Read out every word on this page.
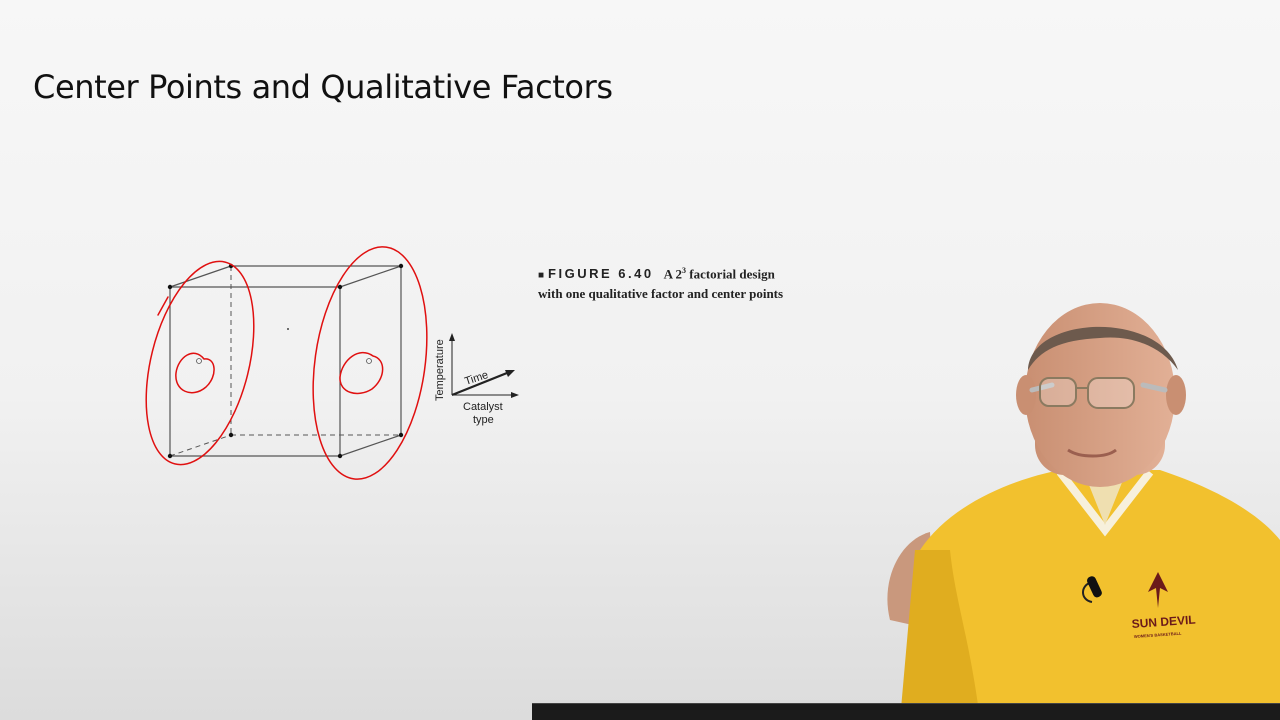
Center Points and Qualitative Factors
Temperature Time
Catalyst
type
■ FIGURE 6.40 A $2^3$ factorial design with one qualitative factor and center points
SUN DEVIL
WOMEN'S BASKETBALL
